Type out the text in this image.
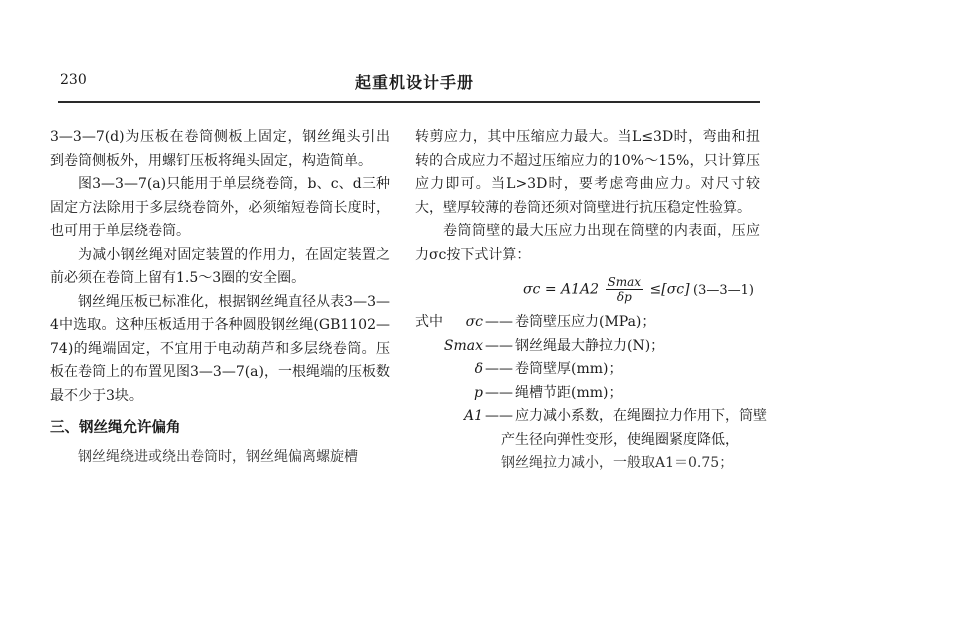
230	起重机设计手册

3—3—7(d)为压板在卷筒侧板上固定，钢丝绳头引出到卷筒侧板外，用螺钉压板将绳头固定，构造简单。

图3—3—7(a)只能用于单层绕卷筒，b、c、d三种固定方法除用于多层绕卷筒外，必须缩短卷筒长度时，也可用于单层绕卷筒。

为减小钢丝绳对固定装置的作用力，在固定装置之前必须在卷筒上留有1.5～3圈的安全圈。

钢丝绳压板已标准化，根据钢丝绳直径从表3—3—4中选取。这种压板适用于各种圆股钢丝绳(GB1102—74)的绳端固定，不宜用于电动葫芦和多层绕卷筒。压板在卷筒上的布置见图3—3—7(a)，一根绳端的压板数最不少于3块。

三、钢丝绳允许偏角

钢丝绳绕进或绕出卷筒时，钢丝绳偏离螺旋槽

转剪应力，其中压缩应力最大。当L≤3D时，弯曲和扭转的合成应力不超过压缩应力的10%～15%，只计算压应力即可。当L>3D时，要考虑弯曲应力。对尺寸较大，壁厚较薄的卷筒还须对筒壁进行抗压稳定性验算。

卷筒筒壁的最大压应力出现在筒壁的内表面，压应力σc按下式计算：

$\sigma c = A1A2 \frac{Smax}{\delta p} \le[\sigma c]$ (3—3—1)
式中	σc —— 卷筒壁压应力(MPa)；
Smax —— 钢丝绳最大静拉力(N)；
δ —— 卷筒壁厚(mm)；
p —— 绳槽节距(mm)；
A1 —— 应力减小系数，在绳圈拉力作用下，筒壁
产生径向弹性变形，使绳圈紧度降低，
钢丝绳拉力减小，一般取A1＝0.75；
